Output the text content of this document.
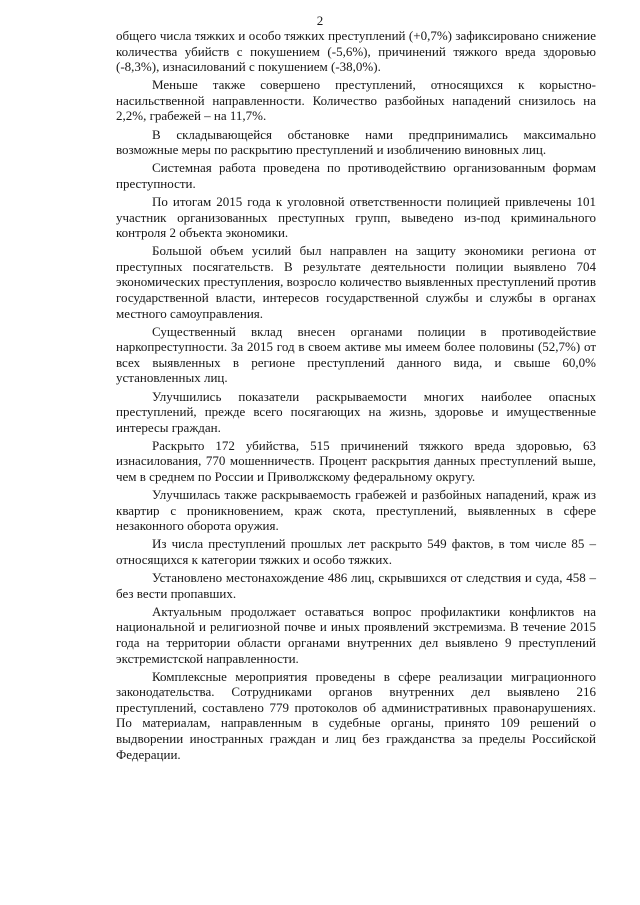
2

общего числа тяжких и особо тяжких преступлений (+0,7%) зафиксировано снижение количества убийств с покушением (-5,6%), причинений тяжкого вреда здоровью (-8,3%), изнасилований с покушением (-38,0%).

Меньше также совершено преступлений, относящихся к корыстно-насильственной направленности. Количество разбойных нападений снизилось на 2,2%, грабежей – на 11,7%.

В складывающейся обстановке нами предпринимались максимально возможные меры по раскрытию преступлений и изобличению виновных лиц.

Системная работа проведена по противодействию организованным формам преступности.

По итогам 2015 года к уголовной ответственности полицией привлечены 101 участник организованных преступных групп, выведено из-под криминального контроля 2 объекта экономики.

Большой объем усилий был направлен на защиту экономики региона от преступных посягательств. В результате деятельности полиции выявлено 704 экономических преступления, возросло количество выявленных преступлений против государственной власти, интересов государственной службы и службы в органах местного самоуправления.

Существенный вклад внесен органами полиции в противодействие наркопреступности. За 2015 год в своем активе мы имеем более половины (52,7%) от всех выявленных в регионе преступлений данного вида, и свыше 60,0% установленных лиц.

Улучшились показатели раскрываемости многих наиболее опасных преступлений, прежде всего посягающих на жизнь, здоровье и имущественные интересы граждан.

Раскрыто 172 убийства, 515 причинений тяжкого вреда здоровью, 63 изнасилования, 770 мошенничеств. Процент раскрытия данных преступлений выше, чем в среднем по России и Приволжскому федеральному округу.

Улучшилась также раскрываемость грабежей и разбойных нападений, краж из квартир с проникновением, краж скота, преступлений, выявленных в сфере незаконного оборота оружия.

Из числа преступлений прошлых лет раскрыто 549 фактов, в том числе 85 – относящихся к категории тяжких и особо тяжких.

Установлено местонахождение 486 лиц, скрывшихся от следствия и суда, 458 – без вести пропавших.

Актуальным продолжает оставаться вопрос профилактики конфликтов на национальной и религиозной почве и иных проявлений экстремизма. В течение 2015 года на территории области органами внутренних дел выявлено 9 преступлений экстремистской направленности.

Комплексные мероприятия проведены в сфере реализации миграционного законодательства. Сотрудниками органов внутренних дел выявлено 216 преступлений, составлено 779 протоколов об административных правонарушениях. По материалам, направленным в судебные органы, принято 109 решений о выдворении иностранных граждан и лиц без гражданства за пределы Российской Федерации.
